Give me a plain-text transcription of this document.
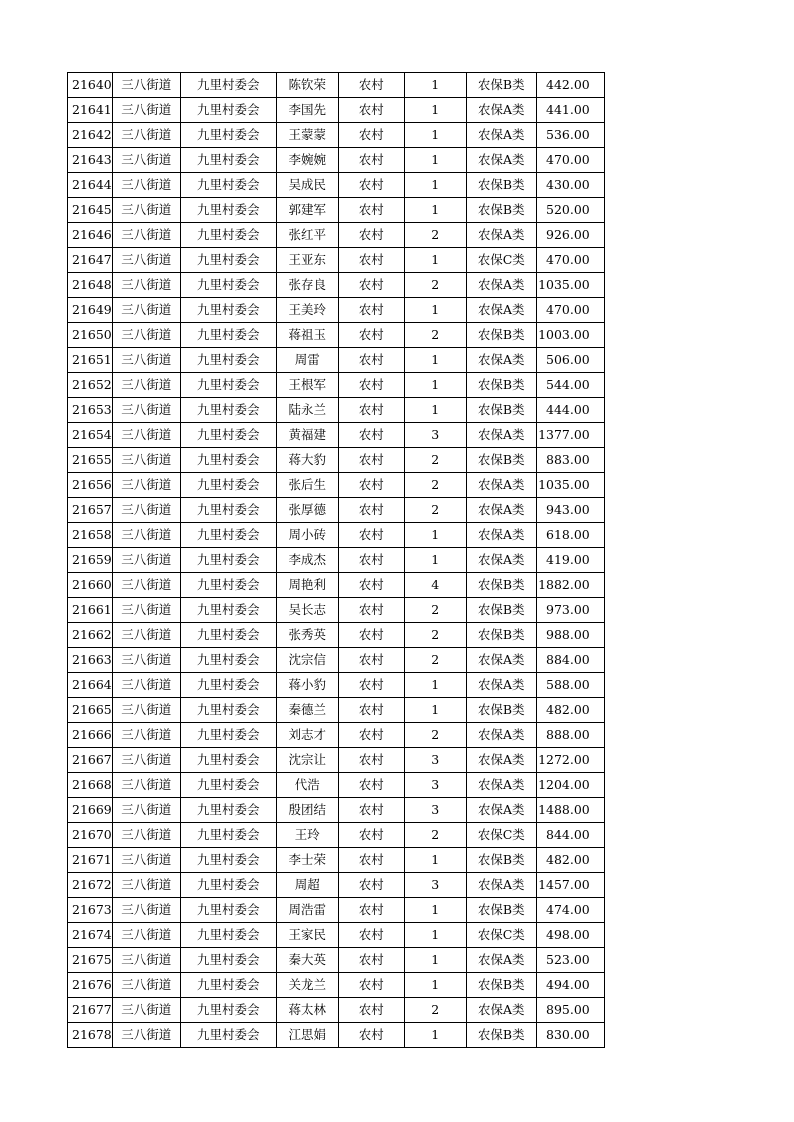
21640	三八街道	九里村委会	陈钦荣	农村	1	农保B类	442.00
21641	三八街道	九里村委会	李国先	农村	1	农保A类	441.00
21642	三八街道	九里村委会	王蒙蒙	农村	1	农保A类	536.00
21643	三八街道	九里村委会	李婉婉	农村	1	农保A类	470.00
21644	三八街道	九里村委会	吴成民	农村	1	农保B类	430.00
21645	三八街道	九里村委会	郭建军	农村	1	农保B类	520.00
21646	三八街道	九里村委会	张红平	农村	2	农保A类	926.00
21647	三八街道	九里村委会	王亚东	农村	1	农保C类	470.00
21648	三八街道	九里村委会	张存良	农村	2	农保A类	1035.00
21649	三八街道	九里村委会	王美玲	农村	1	农保A类	470.00
21650	三八街道	九里村委会	蒋祖玉	农村	2	农保B类	1003.00
21651	三八街道	九里村委会	周雷	农村	1	农保A类	506.00
21652	三八街道	九里村委会	王根军	农村	1	农保B类	544.00
21653	三八街道	九里村委会	陆永兰	农村	1	农保B类	444.00
21654	三八街道	九里村委会	黄福建	农村	3	农保A类	1377.00
21655	三八街道	九里村委会	蒋大豹	农村	2	农保B类	883.00
21656	三八街道	九里村委会	张后生	农村	2	农保A类	1035.00
21657	三八街道	九里村委会	张厚德	农村	2	农保A类	943.00
21658	三八街道	九里村委会	周小砖	农村	1	农保A类	618.00
21659	三八街道	九里村委会	李成杰	农村	1	农保A类	419.00
21660	三八街道	九里村委会	周艳利	农村	4	农保B类	1882.00
21661	三八街道	九里村委会	吴长志	农村	2	农保B类	973.00
21662	三八街道	九里村委会	张秀英	农村	2	农保B类	988.00
21663	三八街道	九里村委会	沈宗信	农村	2	农保A类	884.00
21664	三八街道	九里村委会	蒋小豹	农村	1	农保A类	588.00
21665	三八街道	九里村委会	秦德兰	农村	1	农保B类	482.00
21666	三八街道	九里村委会	刘志才	农村	2	农保A类	888.00
21667	三八街道	九里村委会	沈宗让	农村	3	农保A类	1272.00
21668	三八街道	九里村委会	代浩	农村	3	农保A类	1204.00
21669	三八街道	九里村委会	殷团结	农村	3	农保A类	1488.00
21670	三八街道	九里村委会	王玲	农村	2	农保C类	844.00
21671	三八街道	九里村委会	李士荣	农村	1	农保B类	482.00
21672	三八街道	九里村委会	周超	农村	3	农保A类	1457.00
21673	三八街道	九里村委会	周浩雷	农村	1	农保B类	474.00
21674	三八街道	九里村委会	王家民	农村	1	农保C类	498.00
21675	三八街道	九里村委会	秦大英	农村	1	农保A类	523.00
21676	三八街道	九里村委会	关龙兰	农村	1	农保B类	494.00
21677	三八街道	九里村委会	蒋太林	农村	2	农保A类	895.00
21678	三八街道	九里村委会	江思娟	农村	1	农保B类	830.00
